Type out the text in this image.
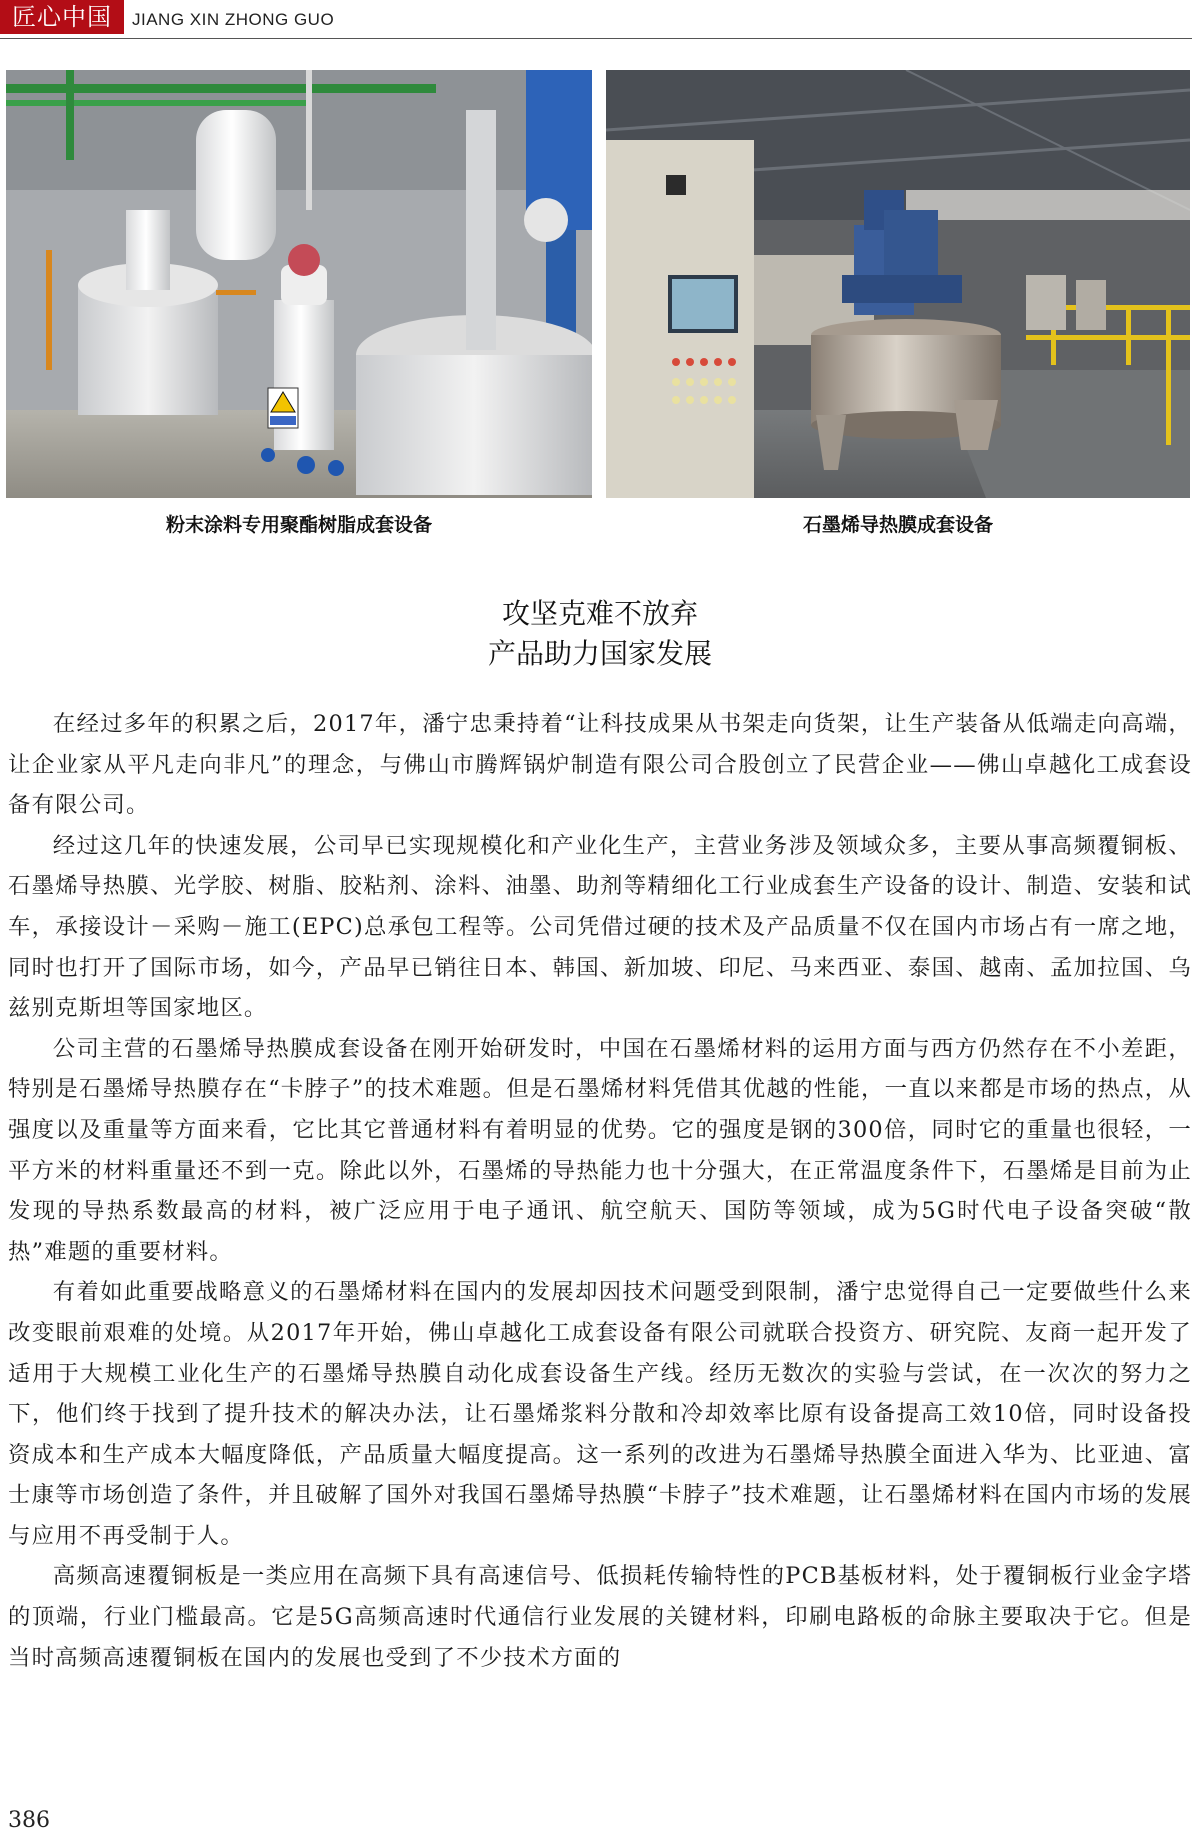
匠心中国	JIANG XIN ZHONG GUO
粉末涂料专用聚酯树脂成套设备	石墨烯导热膜成套设备
攻坚克难不放弃
产品助力国家发展

在经过多年的积累之后，2017年，潘宁忠秉持着“让科技成果从书架走向货架，让生产装备从低端走向高端，让企业家从平凡走向非凡”的理念，与佛山市腾辉锅炉制造有限公司合股创立了民营企业——佛山卓越化工成套设备有限公司。

经过这几年的快速发展，公司早已实现规模化和产业化生产，主营业务涉及领域众多，主要从事高频覆铜板、石墨烯导热膜、光学胶、树脂、胶粘剂、涂料、油墨、助剂等精细化工行业成套生产设备的设计、制造、安装和试车，承接设计－采购－施工(EPC)总承包工程等。公司凭借过硬的技术及产品质量不仅在国内市场占有一席之地，同时也打开了国际市场，如今，产品早已销往日本、韩国、新加坡、印尼、马来西亚、泰国、越南、孟加拉国、乌兹别克斯坦等国家地区。

公司主营的石墨烯导热膜成套设备在刚开始研发时，中国在石墨烯材料的运用方面与西方仍然存在不小差距，特别是石墨烯导热膜存在“卡脖子”的技术难题。但是石墨烯材料凭借其优越的性能，一直以来都是市场的热点，从强度以及重量等方面来看，它比其它普通材料有着明显的优势。它的强度是钢的300倍，同时它的重量也很轻，一平方米的材料重量还不到一克。除此以外，石墨烯的导热能力也十分强大，在正常温度条件下，石墨烯是目前为止发现的导热系数最高的材料，被广泛应用于电子通讯、航空航天、国防等领域，成为5G时代电子设备突破“散热”难题的重要材料。

有着如此重要战略意义的石墨烯材料在国内的发展却因技术问题受到限制，潘宁忠觉得自己一定要做些什么来改变眼前艰难的处境。从2017年开始，佛山卓越化工成套设备有限公司就联合投资方、研究院、友商一起开发了适用于大规模工业化生产的石墨烯导热膜自动化成套设备生产线。经历无数次的实验与尝试，在一次次的努力之下，他们终于找到了提升技术的解决办法，让石墨烯浆料分散和冷却效率比原有设备提高工效10倍，同时设备投资成本和生产成本大幅度降低，产品质量大幅度提高。这一系列的改进为石墨烯导热膜全面进入华为、比亚迪、富士康等市场创造了条件，并且破解了国外对我国石墨烯导热膜“卡脖子”技术难题，让石墨烯材料在国内市场的发展与应用不再受制于人。

高频高速覆铜板是一类应用在高频下具有高速信号、低损耗传输特性的PCB基板材料，处于覆铜板行业金字塔的顶端，行业门槛最高。它是5G高频高速时代通信行业发展的关键材料，印刷电路板的命脉主要取决于它。但是当时高频高速覆铜板在国内的发展也受到了不少技术方面的

386
